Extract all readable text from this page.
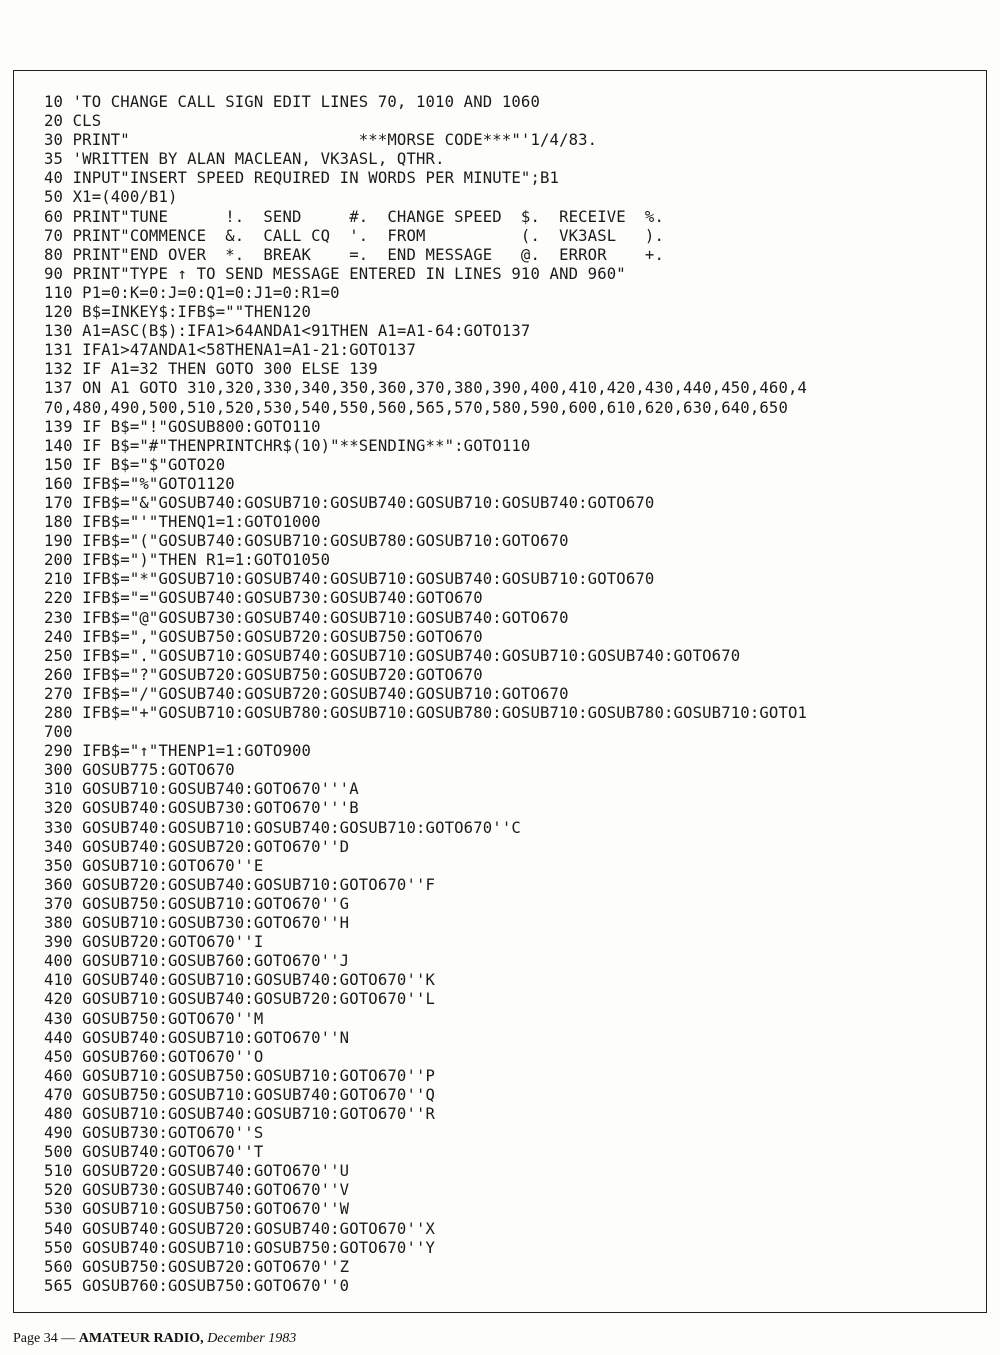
10 'TO CHANGE CALL SIGN EDIT LINES 70, 1010 AND 1060
20 CLS
30 PRINT"                        ***MORSE CODE***"'1/4/83.
35 'WRITTEN BY ALAN MACLEAN, VK3ASL, QTHR.
40 INPUT"INSERT SPEED REQUIRED IN WORDS PER MINUTE";B1
50 X1=(400/B1)
60 PRINT"TUNE      !.  SEND     #.  CHANGE SPEED  $.  RECEIVE  %.
70 PRINT"COMMENCE  &.  CALL CQ  '.  FROM          (.  VK3ASL   ).
80 PRINT"END OVER  *.  BREAK    =.  END MESSAGE   @.  ERROR    +.
90 PRINT"TYPE ↑ TO SEND MESSAGE ENTERED IN LINES 910 AND 960"
110 P1=0:K=0:J=0:Q1=0:J1=0:R1=0
120 B$=INKEY$:IFB$=""THEN120
130 A1=ASC(B$):IFA1>64ANDA1<91THEN A1=A1-64:GOTO137
131 IFA1>47ANDA1<58THENA1=A1-21:GOTO137
132 IF A1=32 THEN GOTO 300 ELSE 139
137 ON A1 GOTO 310,320,330,340,350,360,370,380,390,400,410,420,430,440,450,460,4
70,480,490,500,510,520,530,540,550,560,565,570,580,590,600,610,620,630,640,650
139 IF B$="!"GOSUB800:GOTO110
140 IF B$="#"THENPRINTCHR$(10)"**SENDING**":GOTO110
150 IF B$="$"GOTO20
160 IFB$="%"GOTO1120
170 IFB$="&"GOSUB740:GOSUB710:GOSUB740:GOSUB710:GOSUB740:GOTO670
180 IFB$="'"THENQ1=1:GOTO1000
190 IFB$="("GOSUB740:GOSUB710:GOSUB780:GOSUB710:GOTO670
200 IFB$=")"THEN R1=1:GOTO1050
210 IFB$="*"GOSUB710:GOSUB740:GOSUB710:GOSUB740:GOSUB710:GOTO670
220 IFB$="="GOSUB740:GOSUB730:GOSUB740:GOTO670
230 IFB$="@"GOSUB730:GOSUB740:GOSUB710:GOSUB740:GOTO670
240 IFB$=","GOSUB750:GOSUB720:GOSUB750:GOTO670
250 IFB$="."GOSUB710:GOSUB740:GOSUB710:GOSUB740:GOSUB710:GOSUB740:GOTO670
260 IFB$="?"GOSUB720:GOSUB750:GOSUB720:GOTO670
270 IFB$="/"GOSUB740:GOSUB720:GOSUB740:GOSUB710:GOTO670
280 IFB$="+"GOSUB710:GOSUB780:GOSUB710:GOSUB780:GOSUB710:GOSUB780:GOSUB710:GOTO1
700
290 IFB$="↑"THENP1=1:GOTO900
300 GOSUB775:GOTO670
310 GOSUB710:GOSUB740:GOTO670'''A
320 GOSUB740:GOSUB730:GOTO670'''B
330 GOSUB740:GOSUB710:GOSUB740:GOSUB710:GOTO670''C
340 GOSUB740:GOSUB720:GOTO670''D
350 GOSUB710:GOTO670''E
360 GOSUB720:GOSUB740:GOSUB710:GOTO670''F
370 GOSUB750:GOSUB710:GOTO670''G
380 GOSUB710:GOSUB730:GOTO670''H
390 GOSUB720:GOTO670''I
400 GOSUB710:GOSUB760:GOTO670''J
410 GOSUB740:GOSUB710:GOSUB740:GOTO670''K
420 GOSUB710:GOSUB740:GOSUB720:GOTO670''L
430 GOSUB750:GOTO670''M
440 GOSUB740:GOSUB710:GOTO670''N
450 GOSUB760:GOTO670''O
460 GOSUB710:GOSUB750:GOSUB710:GOTO670''P
470 GOSUB750:GOSUB710:GOSUB740:GOTO670''Q
480 GOSUB710:GOSUB740:GOSUB710:GOTO670''R
490 GOSUB730:GOTO670''S
500 GOSUB740:GOTO670''T
510 GOSUB720:GOSUB740:GOTO670''U
520 GOSUB730:GOSUB740:GOTO670''V
530 GOSUB710:GOSUB750:GOTO670''W
540 GOSUB740:GOSUB720:GOSUB740:GOTO670''X
550 GOSUB740:GOSUB710:GOSUB750:GOTO670''Y
560 GOSUB750:GOSUB720:GOTO670''Z
565 GOSUB760:GOSUB750:GOTO670''0
Page 34 — AMATEUR RADIO, December 1983
